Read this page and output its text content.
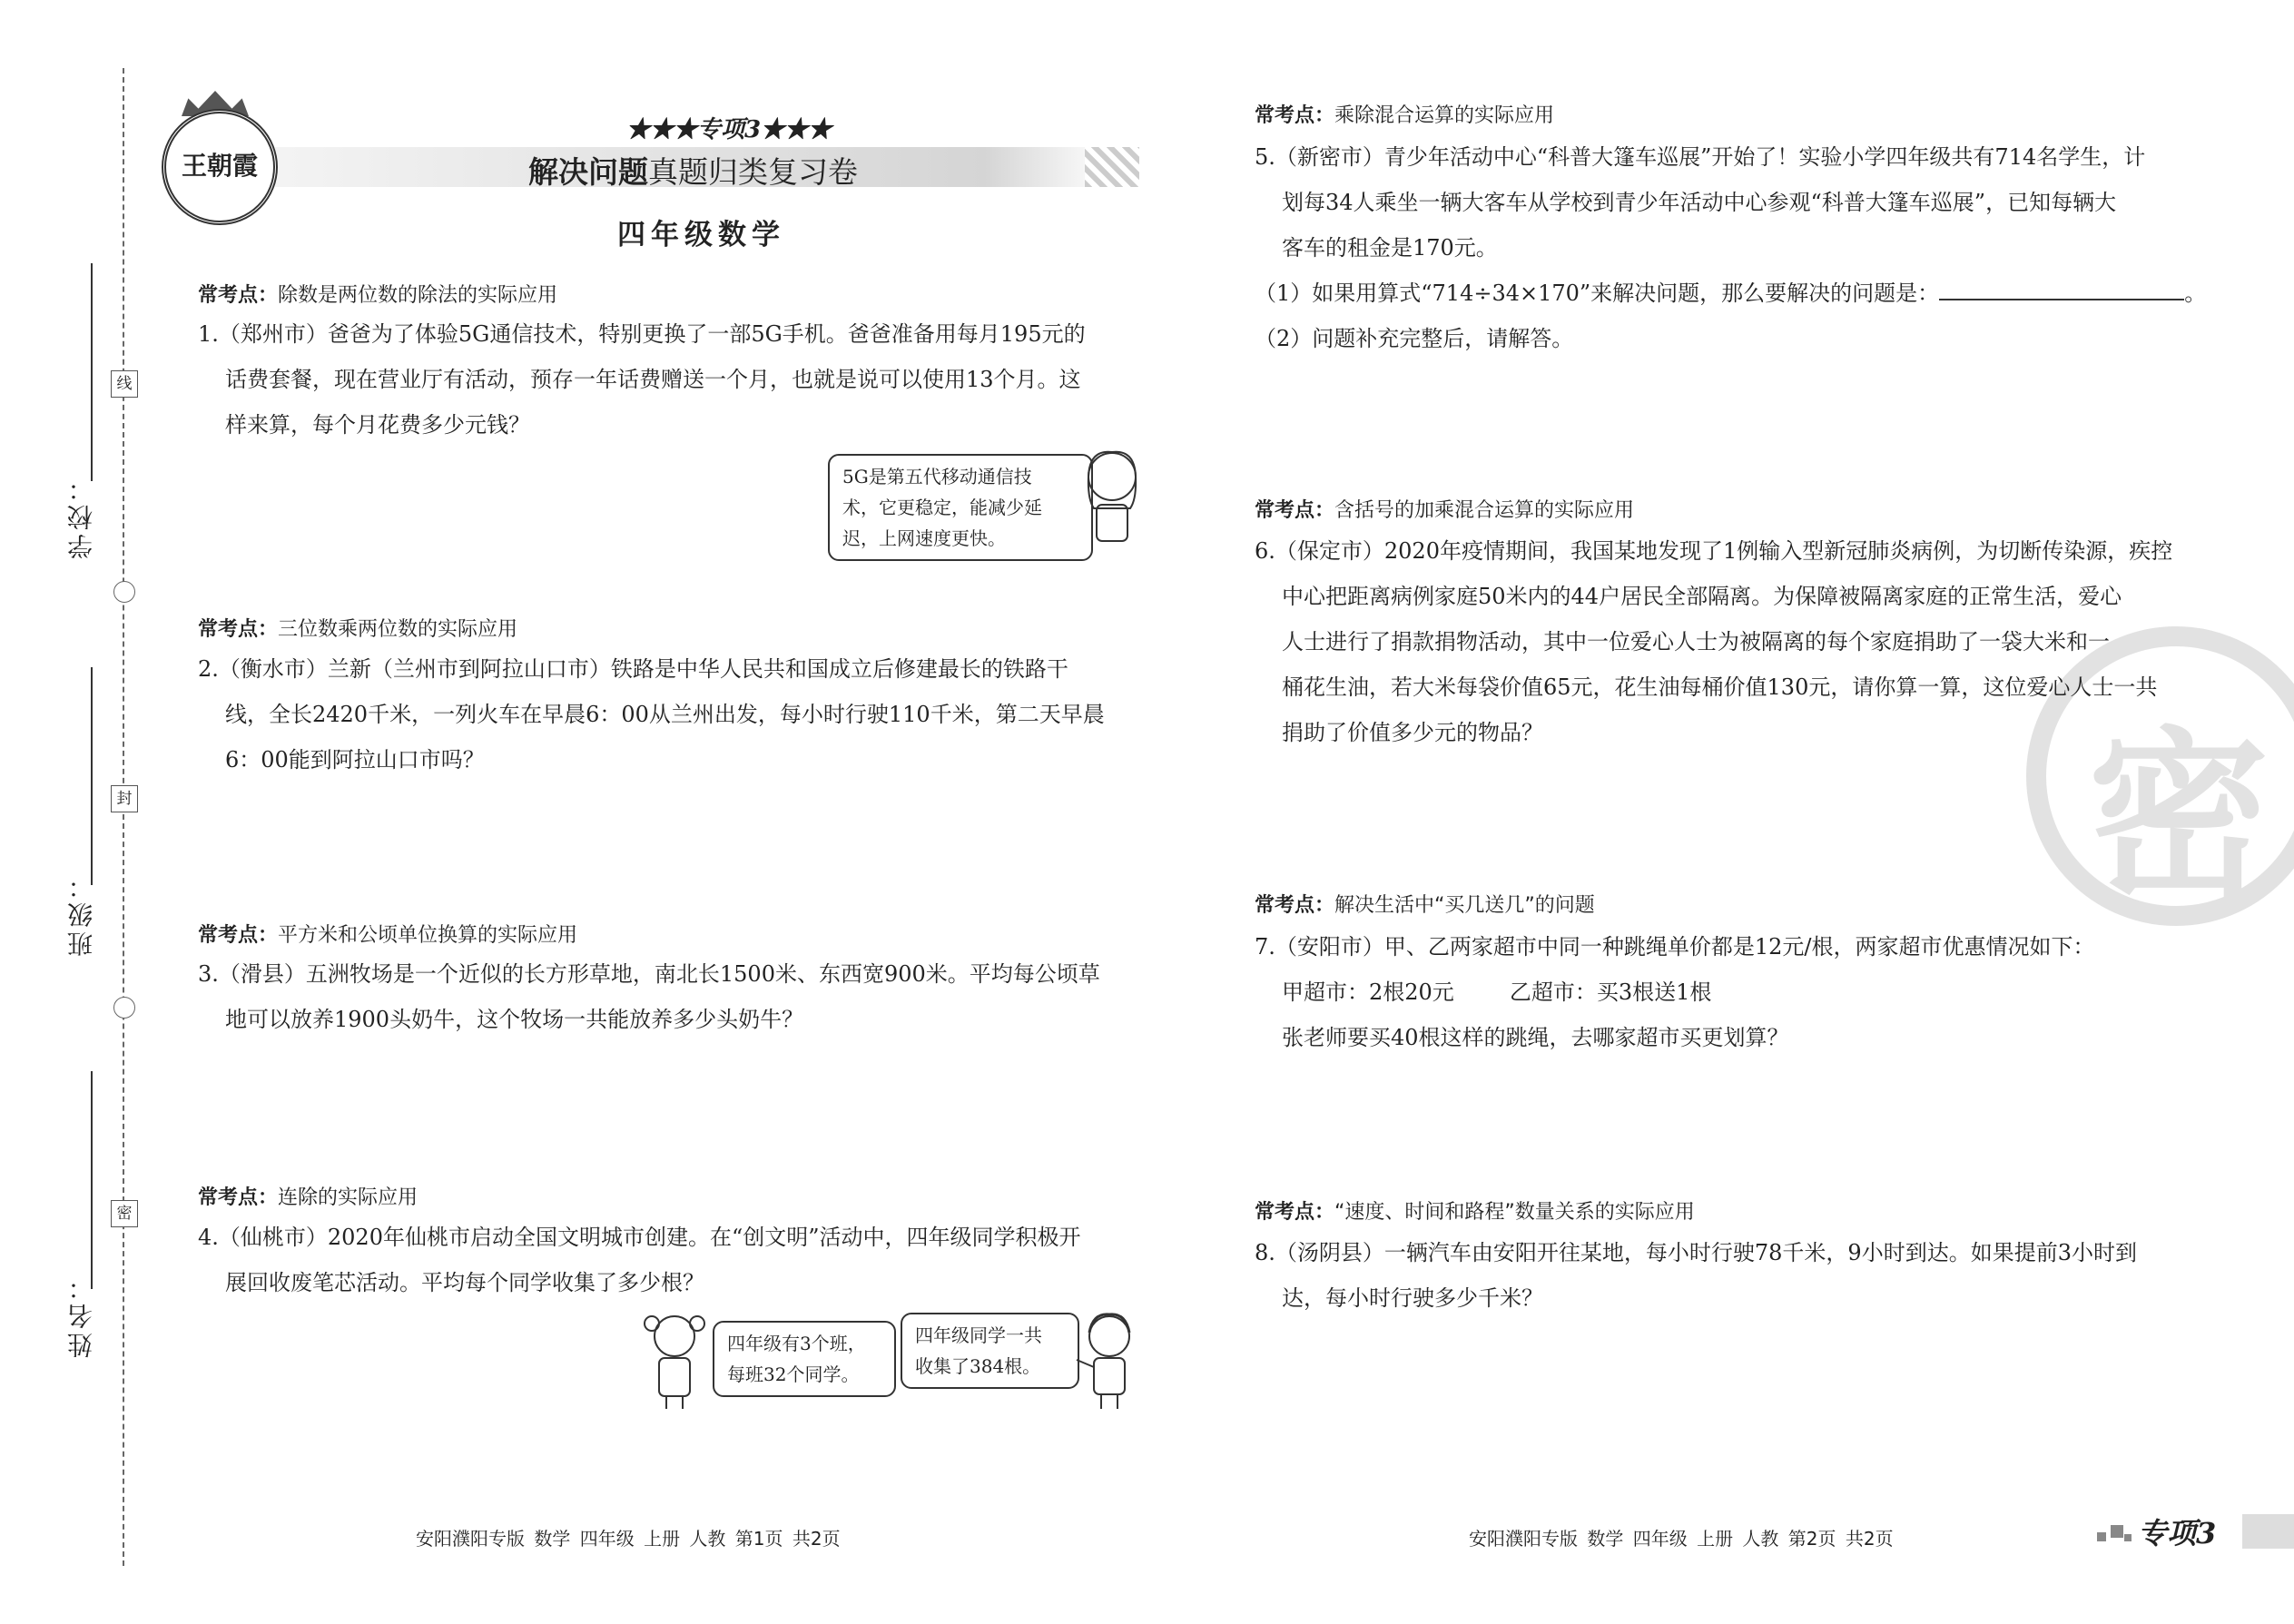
学校：
线
班级：
封
姓名：
密
王朝霞
★★★专项3★★★
解决问题真题归类复习卷
四年级数学
常考点：除数是两位数的除法的实际应用

1.（郑州市）爸爸为了体验5G通信技术，特别更换了一部5G手机。爸爸准备用每月195元的

话费套餐，现在营业厅有活动，预存一年话费赠送一个月，也就是说可以使用13个月。这

样来算，每个月花费多少元钱？

5G是第五代移动通信技
术，它更稳定，能减少延
迟，上网速度更快。
常考点：三位数乘两位数的实际应用

2.（衡水市）兰新（兰州市到阿拉山口市）铁路是中华人民共和国成立后修建最长的铁路干

线，全长2420千米，一列火车在早晨6：00从兰州出发，每小时行驶110千米，第二天早晨

6：00能到阿拉山口市吗？

常考点：平方米和公顷单位换算的实际应用

3.（滑县）五洲牧场是一个近似的长方形草地，南北长1500米、东西宽900米。平均每公顷草

地可以放养1900头奶牛，这个牧场一共能放养多少头奶牛？

常考点：连除的实际应用

4.（仙桃市）2020年仙桃市启动全国文明城市创建。在“创文明”活动中，四年级同学积极开

展回收废笔芯活动。平均每个同学收集了多少根？

四年级有3个班，
每班32个同学。
四年级同学一共
收集了384根。
安阳濮阳专版 数学 四年级 上册 人教 第1页 共2页
密
常考点：乘除混合运算的实际应用

5.（新密市）青少年活动中心“科普大篷车巡展”开始了！实验小学四年级共有714名学生，计

划每34人乘坐一辆大客车从学校到青少年活动中心参观“科普大篷车巡展”，已知每辆大

客车的租金是170元。

（1）如果用算式“714÷34×170”来解决问题，那么要解决的问题是：	。

（2）问题补充完整后，请解答。

常考点：含括号的加乘混合运算的实际应用

6.（保定市）2020年疫情期间，我国某地发现了1例输入型新冠肺炎病例，为切断传染源，疾控

中心把距离病例家庭50米内的44户居民全部隔离。为保障被隔离家庭的正常生活，爱心

人士进行了捐款捐物活动，其中一位爱心人士为被隔离的每个家庭捐助了一袋大米和一

桶花生油，若大米每袋价值65元，花生油每桶价值130元，请你算一算，这位爱心人士一共

捐助了价值多少元的物品？

常考点：解决生活中“买几送几”的问题

7.（安阳市）甲、乙两家超市中同一种跳绳单价都是12元/根，两家超市优惠情况如下：

甲超市：2根20元        乙超市：买3根送1根

张老师要买40根这样的跳绳，去哪家超市买更划算？

常考点：“速度、时间和路程”数量关系的实际应用

8.（汤阴县）一辆汽车由安阳开往某地，每小时行驶78千米，9小时到达。如果提前3小时到

达，每小时行驶多少千米？

安阳濮阳专版 数学 四年级 上册 人教 第2页 共2页	专项3
